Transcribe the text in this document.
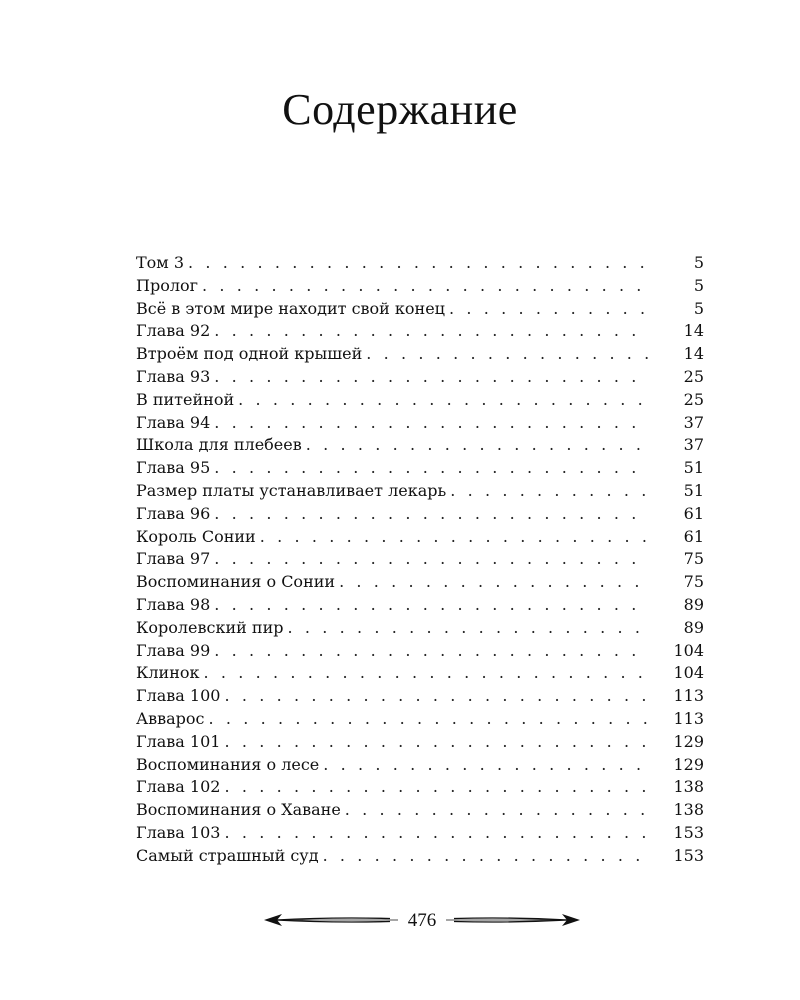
Содержание
Том 3 . . .	5
Пролог . . .	5
Всё в этом мире находит свой конец . . .	5
Глава 92 . . .	14
Втроём под одной крышей . . .	14
Глава 93 . . .	25
В питейной . . .	25
Глава 94 . . .	37
Школа для плебеев . . .	37
Глава 95 . . .	51
Размер платы устанавливает лекарь . . .	51
Глава 96 . . .	61
Король Сонии . . .	61
Глава 97 . . .	75
Воспоминания о Сонии . . .	75
Глава 98 . . .	89
Королевский пир . . .	89
Глава 99 . . .	104
Клинок . . .	104
Глава 100 . . .	113
Авварос . . .	113
Глава 101 . . .	129
Воспоминания о лесе . . .	129
Глава 102 . . .	138
Воспоминания о Хаване . . .	138
Глава 103 . . .	153
Самый страшный суд . . .	153
476
